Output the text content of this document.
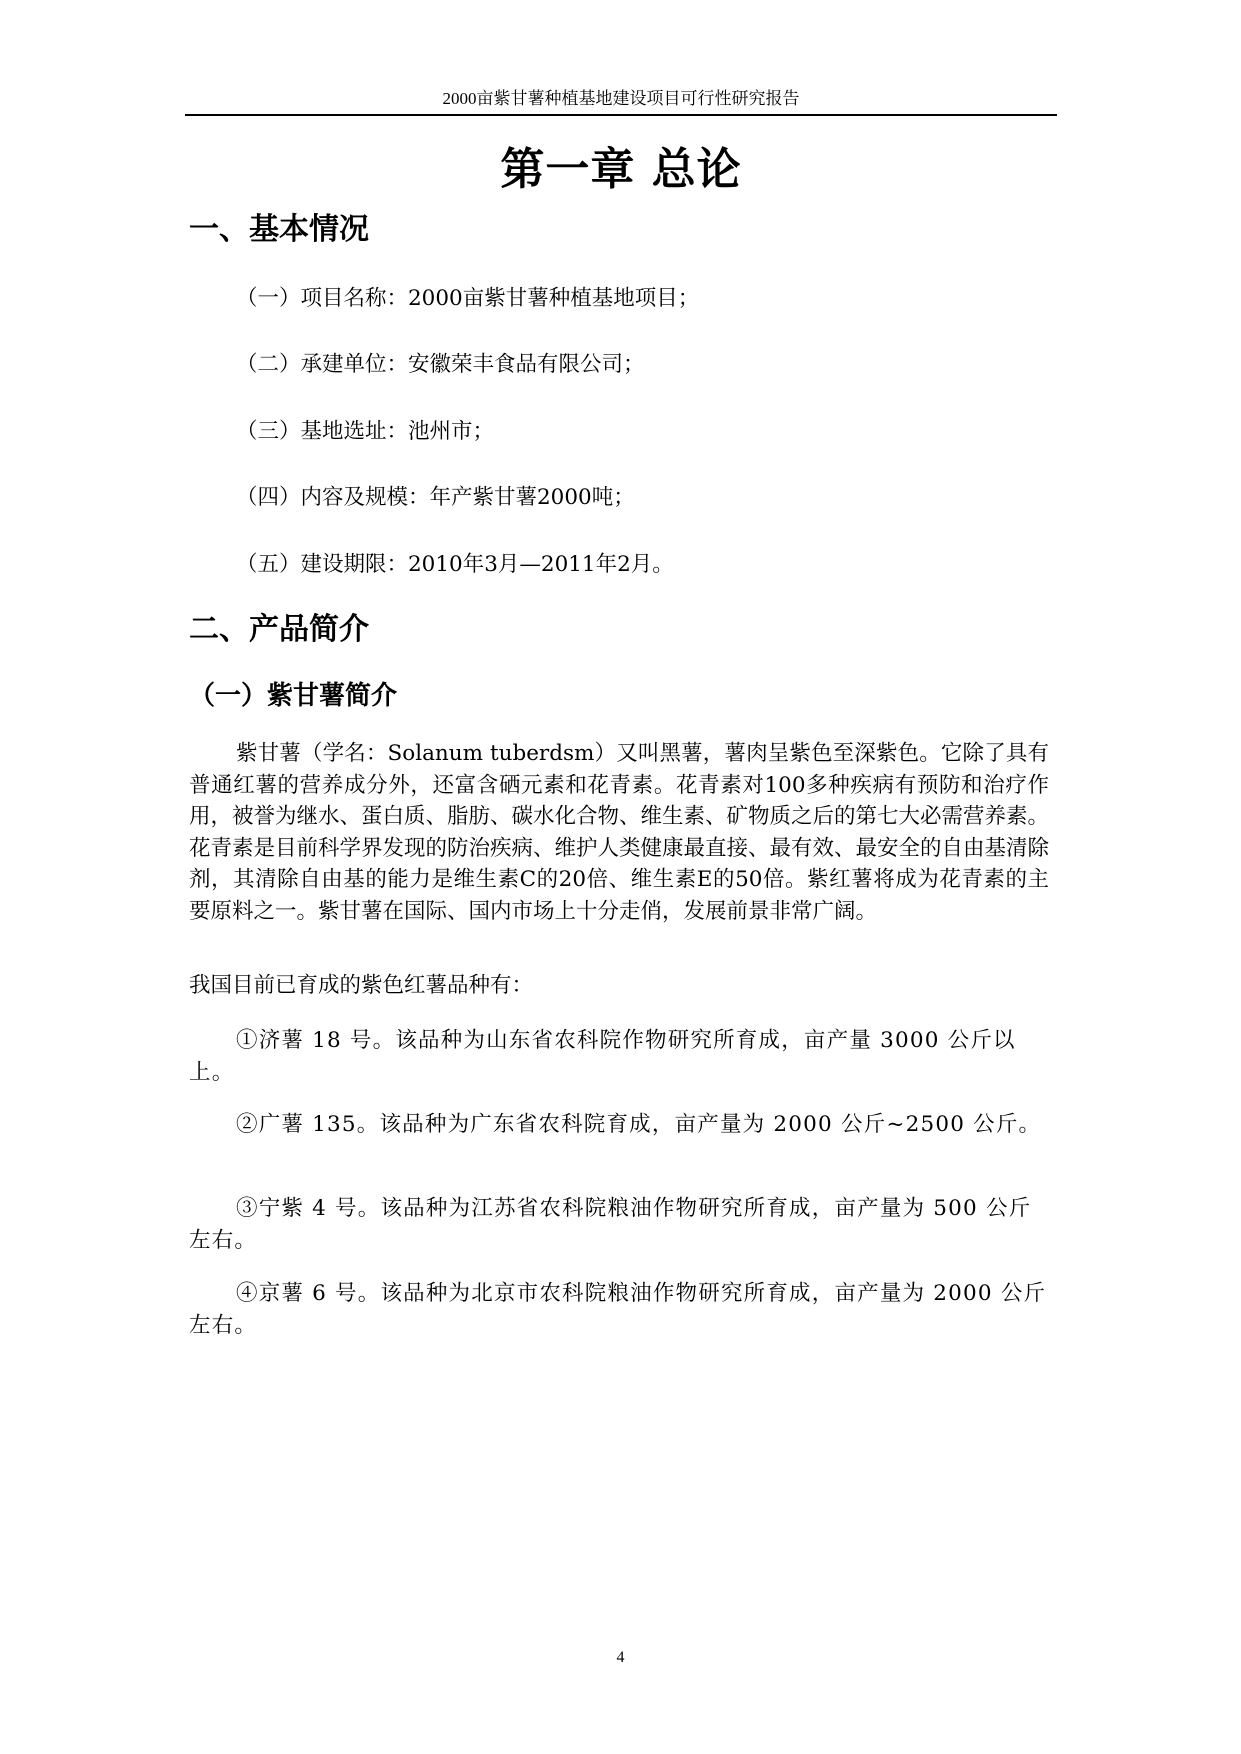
2000亩紫甘薯种植基地建设项目可行性研究报告
第一章 总论
一、基本情况
（一）项目名称：2000亩紫甘薯种植基地项目；
（二）承建单位：安徽荣丰食品有限公司；
（三）基地选址：池州市；
（四）内容及规模：年产紫甘薯2000吨；
（五）建设期限：2010年3月—2011年2月。
二、产品简介
（一）紫甘薯简介

紫甘薯（学名：Solanum tuberdsm）又叫黑薯，薯肉呈紫色至深紫色。它除了具有普通红薯的营养成分外，还富含硒元素和花青素。花青素对100多种疾病有预防和治疗作用，被誉为继水、蛋白质、脂肪、碳水化合物、维生素、矿物质之后的第七大必需营养素。花青素是目前科学界发现的防治疾病、维护人类健康最直接、最有效、最安全的自由基清除剂，其清除自由基的能力是维生素C的20倍、维生素E的50倍。紫红薯将成为花青素的主要原料之一。紫甘薯在国际、国内市场上十分走俏，发展前景非常广阔。

我国目前已育成的紫色红薯品种有：

①济薯 18 号。该品种为山东省农科院作物研究所育成，亩产量 3000 公斤以上。

②广薯 135。该品种为广东省农科院育成，亩产量为 2000 公斤~2500 公斤。

③宁紫 4 号。该品种为江苏省农科院粮油作物研究所育成，亩产量为 500 公斤左右。

④京薯 6 号。该品种为北京市农科院粮油作物研究所育成，亩产量为 2000 公斤左右。

4
